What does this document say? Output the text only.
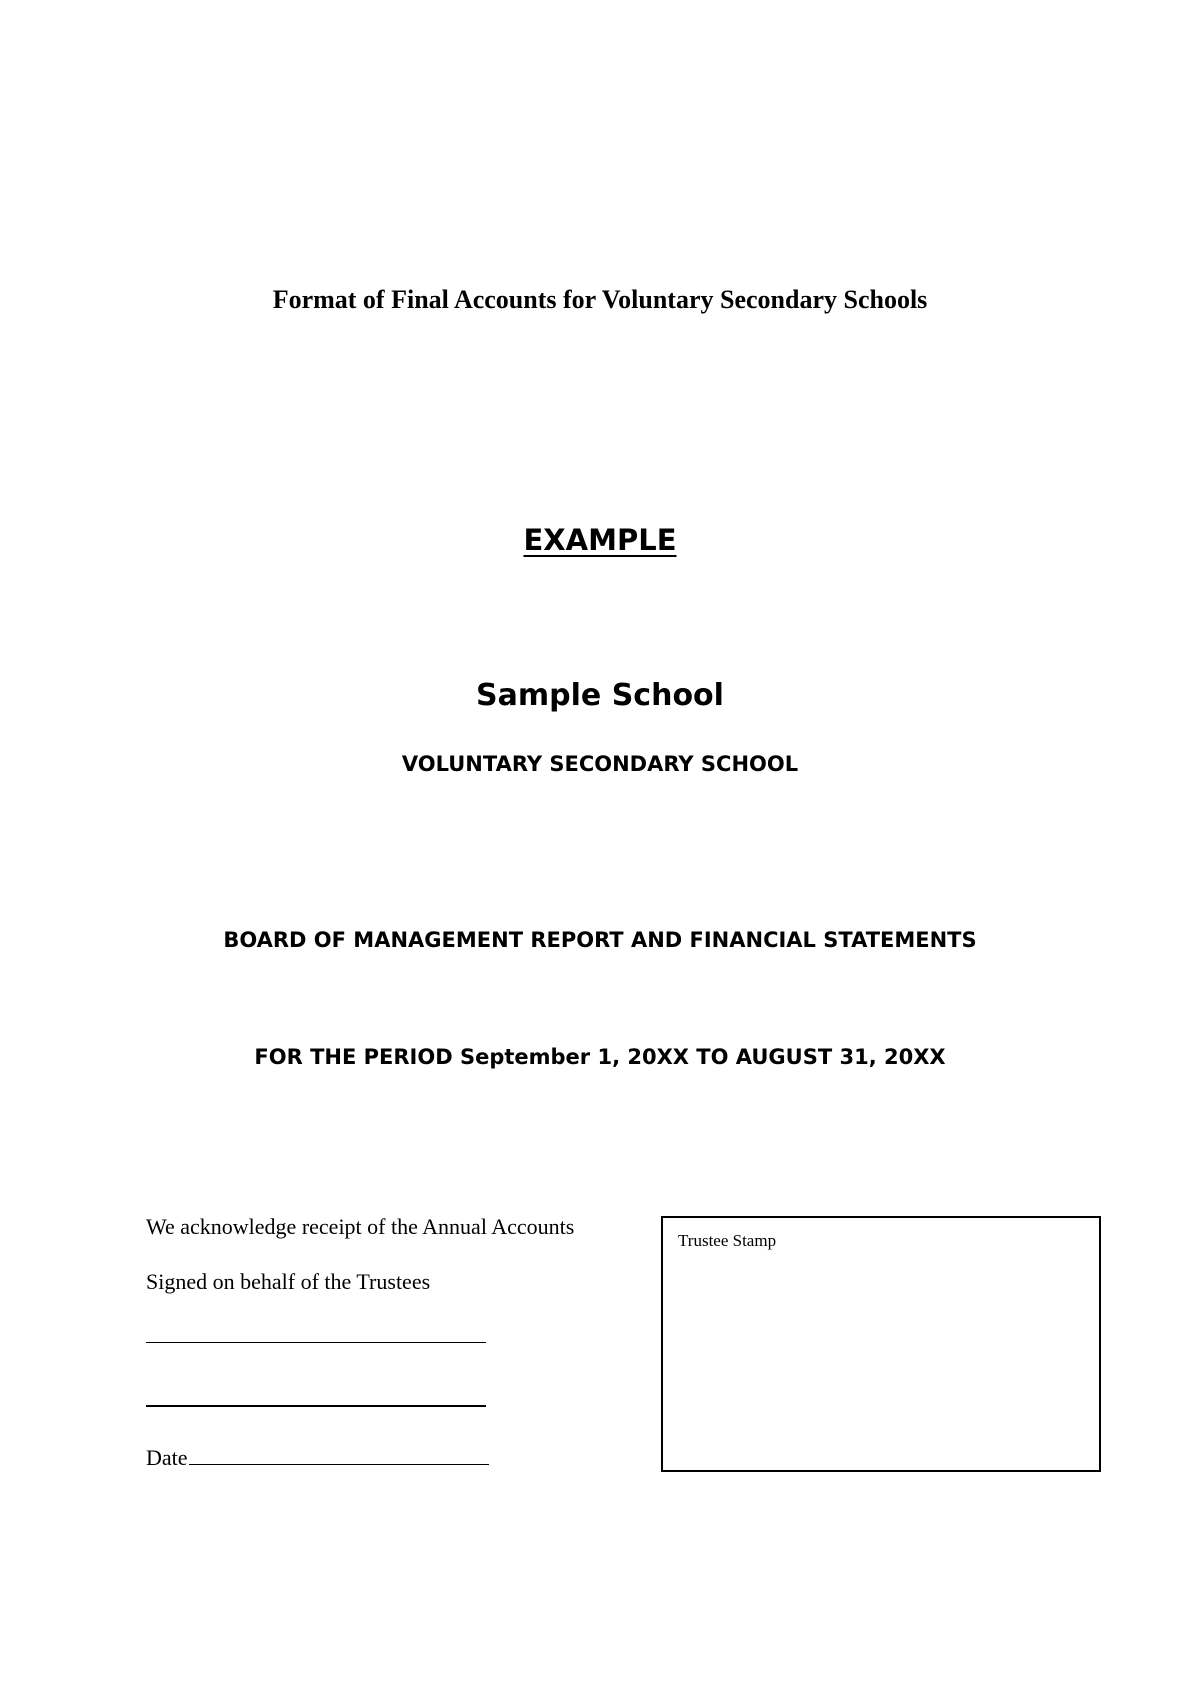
Format of Final Accounts for Voluntary Secondary Schools
EXAMPLE
Sample School
VOLUNTARY SECONDARY SCHOOL
BOARD OF MANAGEMENT REPORT AND FINANCIAL STATEMENTS
FOR THE PERIOD September 1, 20XX TO AUGUST 31, 20XX
We acknowledge receipt of the Annual Accounts
Signed on behalf of the Trustees
Date
Trustee Stamp
